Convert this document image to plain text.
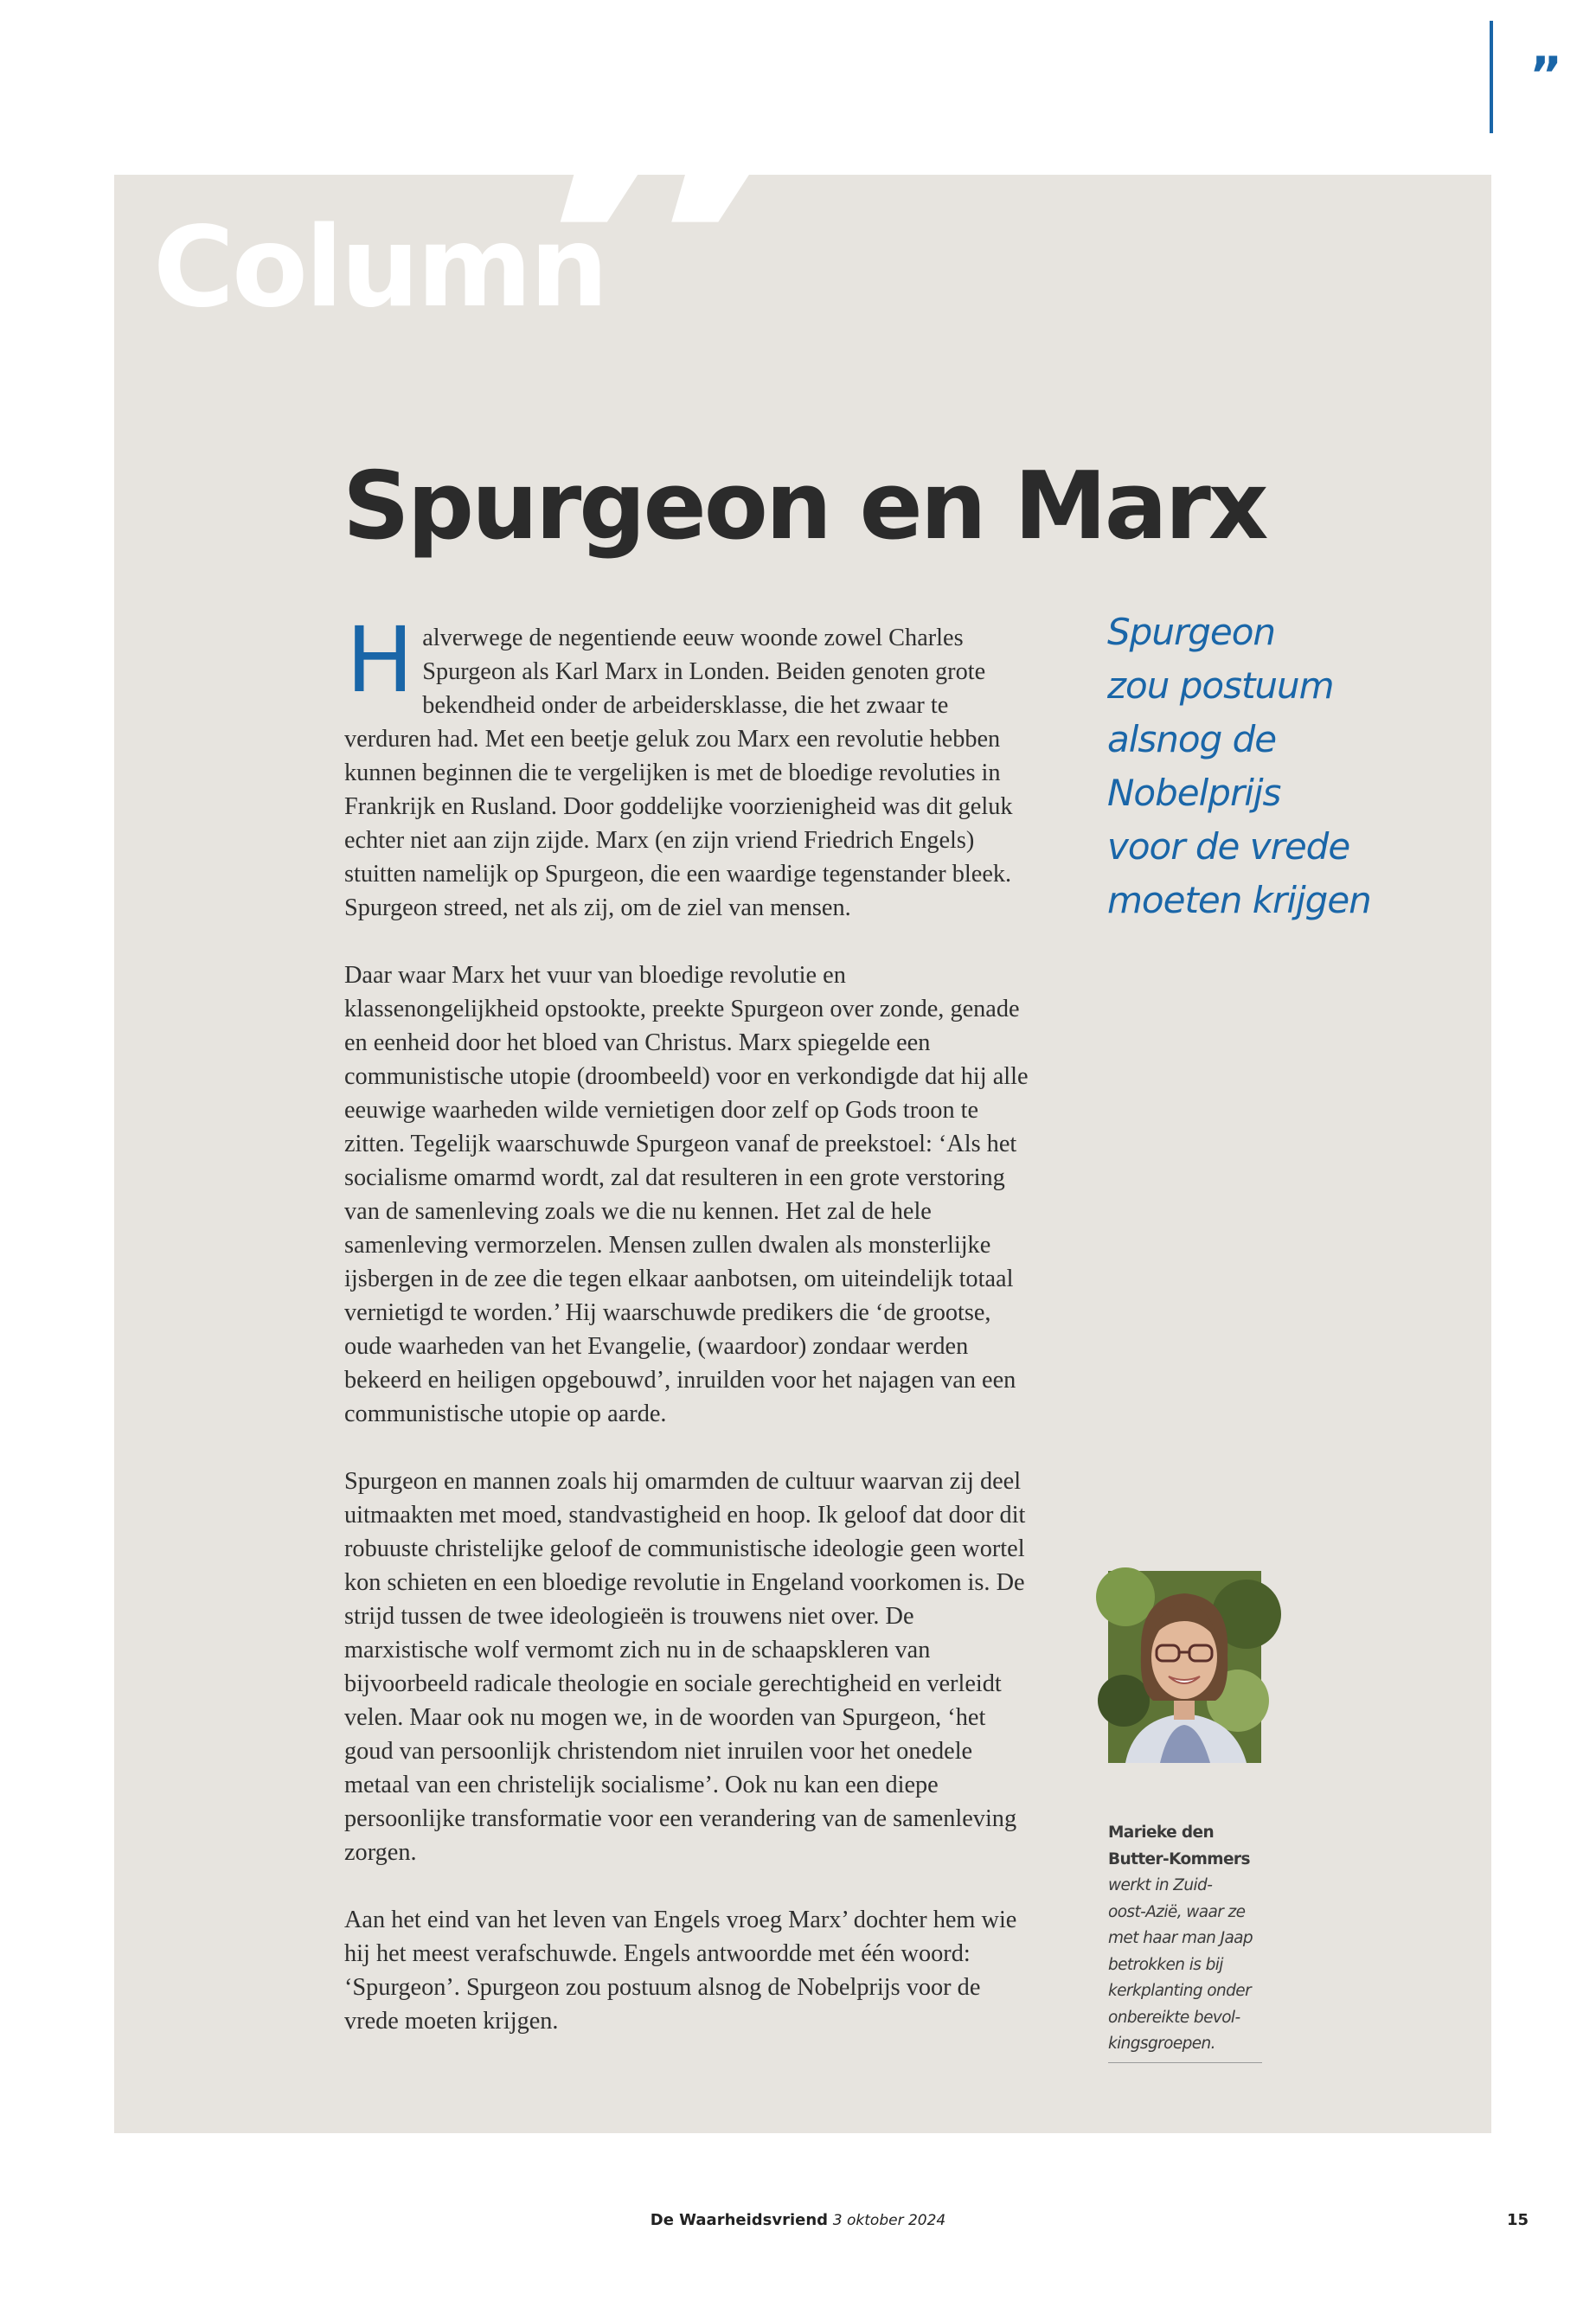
”
”
Column
Spurgeon en Marx

Halverwege de negentiende eeuw woonde zowel Charles Spurgeon als Karl Marx in Londen. Beiden genoten grote bekendheid onder de arbeidersklasse, die het zwaar te verduren had. Met een beetje geluk zou Marx een revolutie hebben kunnen beginnen die te vergelijken is met de bloedige revoluties in Frankrijk en Rusland. Door goddelijke voorzienigheid was dit geluk echter niet aan zijn zijde. Marx (en zijn vriend Friedrich Engels) stuitten namelijk op Spurgeon, die een waardige tegenstander bleek. Spurgeon streed, net als zij, om de ziel van mensen.

Daar waar Marx het vuur van bloedige revolutie en klassenongelijkheid opstookte, preekte Spurgeon over zonde, genade en eenheid door het bloed van Christus. Marx spiegelde een communistische utopie (droombeeld) voor en verkondigde dat hij alle eeuwige waarheden wilde vernietigen door zelf op Gods troon te zitten. Tegelijk waarschuwde Spurgeon vanaf de preekstoel: ‘Als het socialisme omarmd wordt, zal dat resulteren in een grote verstoring van de samenleving zoals we die nu kennen. Het zal de hele samenleving vermorzelen. Mensen zullen dwalen als monsterlijke ijsbergen in de zee die tegen elkaar aanbotsen, om uiteindelijk totaal vernietigd te worden.’ Hij waarschuwde predikers die ‘de grootse, oude waarheden van het Evangelie, (waardoor) zondaar werden bekeerd en heiligen opgebouwd’, inruilden voor het najagen van een communistische utopie op aarde.

Spurgeon en mannen zoals hij omarmden de cultuur waarvan zij deel uitmaakten met moed, standvastigheid en hoop. Ik geloof dat door dit robuuste christelijke geloof de communistische ideologie geen wortel kon schieten en een bloedige revolutie in Engeland voorkomen is. De strijd tussen de twee ideologieën is trouwens niet over. De marxistische wolf vermomt zich nu in de schaapskleren van bijvoorbeeld radicale theologie en sociale gerechtigheid en verleidt velen. Maar ook nu mogen we, in de woorden van Spurgeon, ‘het goud van persoonlijk christendom niet inruilen voor het onedele metaal van een christelijk socialisme’. Ook nu kan een diepe persoonlijke transformatie voor een verandering van de samenleving zorgen.

Aan het eind van het leven van Engels vroeg Marx’ dochter hem wie hij het meest verafschuwde. Engels antwoordde met één woord: ‘Spurgeon’. Spurgeon zou postuum alsnog de Nobelprijs voor de vrede moeten krijgen.

Spurgeon
zou postuum
alsnog de
Nobelprijs
voor de vrede
moeten krijgen
Marieke den
Butter-Kommers
werkt in Zuid-
oost-Azië, waar ze
met haar man Jaap
betrokken is bij
kerkplanting onder
onbereikte bevol-
kingsgroepen.
De Waarheidsvriend 3 oktober 2024	15
